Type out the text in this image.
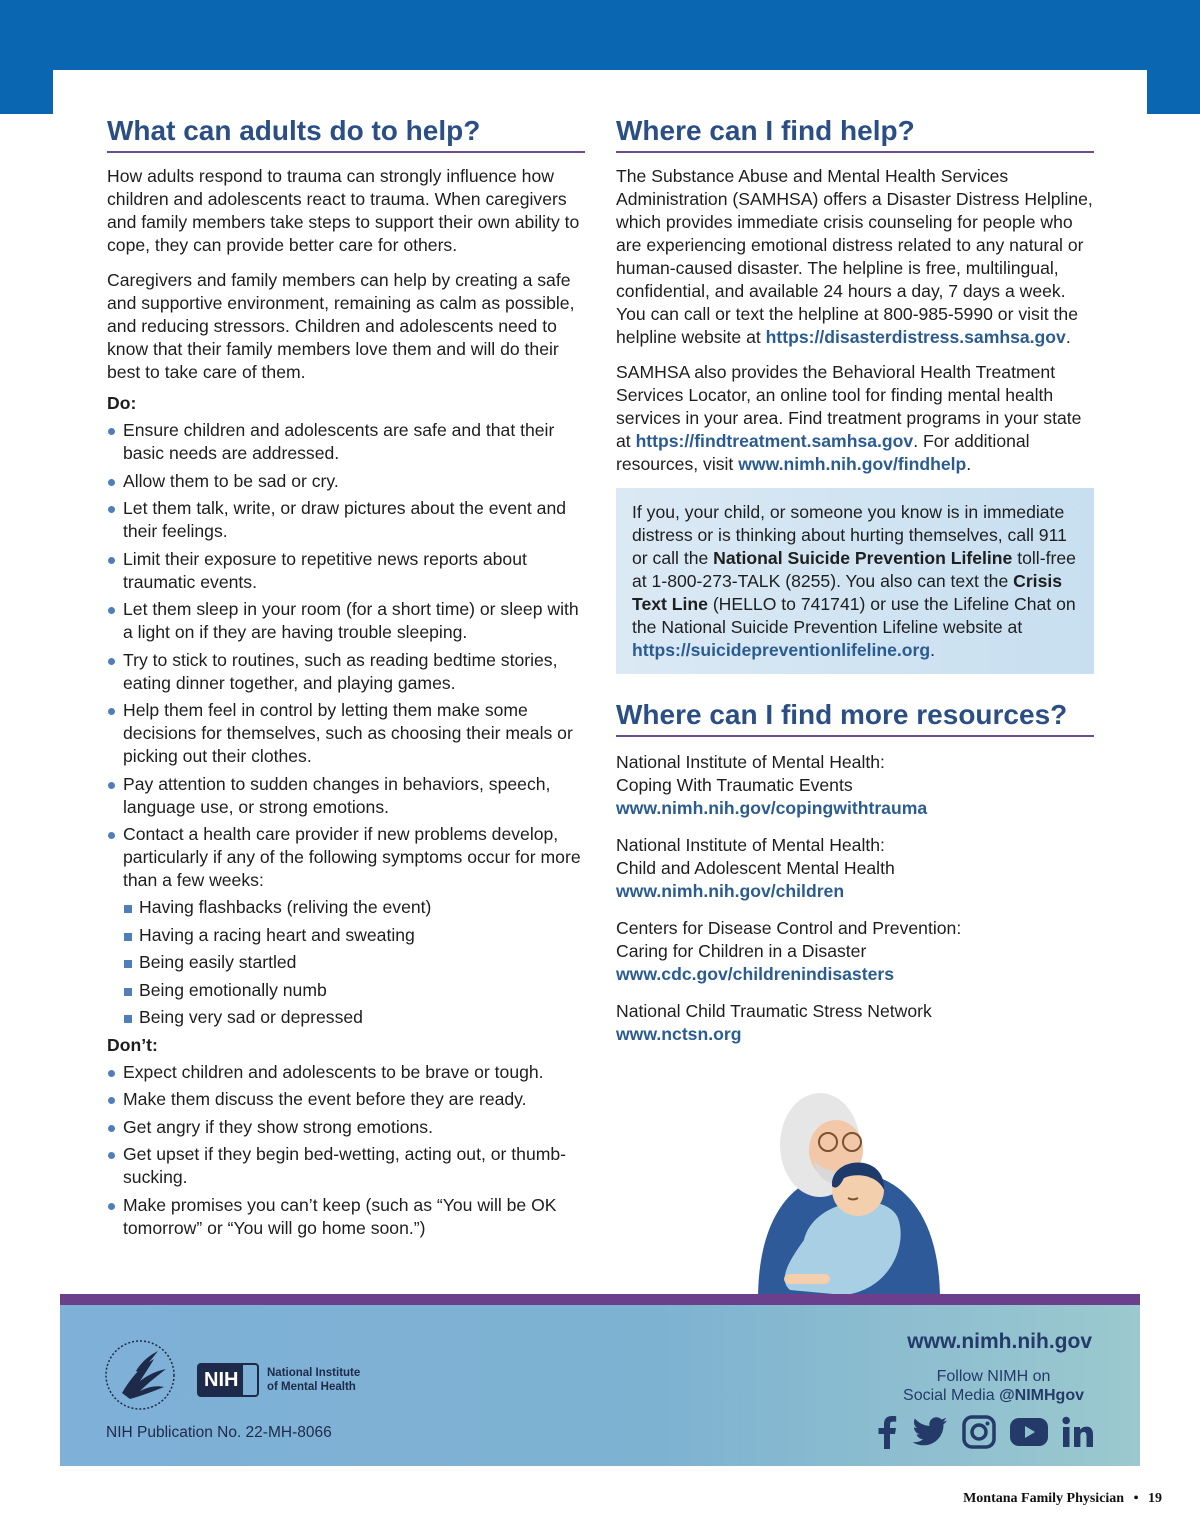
What can adults do to help?

How adults respond to trauma can strongly influence how children and adolescents react to trauma. When caregivers and family members take steps to support their own ability to cope, they can provide better care for others.

Caregivers and family members can help by creating a safe and supportive environment, remaining as calm as possible, and reducing stressors. Children and adolescents need to know that their family members love them and will do their best to take care of them.

Do:
Ensure children and adolescents are safe and that their basic needs are addressed.
Allow them to be sad or cry.
Let them talk, write, or draw pictures about the event and their feelings.
Limit their exposure to repetitive news reports about traumatic events.
Let them sleep in your room (for a short time) or sleep with a light on if they are having trouble sleeping.
Try to stick to routines, such as reading bedtime stories, eating dinner together, and playing games.
Help them feel in control by letting them make some decisions for themselves, such as choosing their meals or picking out their clothes.
Pay attention to sudden changes in behaviors, speech, language use, or strong emotions.
Contact a health care provider if new problems develop, particularly if any of the following symptoms occur for more than a few weeks:
Having flashbacks (reliving the event)
Having a racing heart and sweating
Being easily startled
Being emotionally numb
Being very sad or depressed
Don’t:
Expect children and adolescents to be brave or tough.
Make them discuss the event before they are ready.
Get angry if they show strong emotions.
Get upset if they begin bed-wetting, acting out, or thumb-sucking.
Make promises you can’t keep (such as “You will be OK tomorrow” or “You will go home soon.”)
Where can I find help?

The Substance Abuse and Mental Health Services Administration (SAMHSA) offers a Disaster Distress Helpline, which provides immediate crisis counseling for people who are experiencing emotional distress related to any natural or human-caused disaster. The helpline is free, multilingual, confidential, and available 24 hours a day, 7 days a week. You can call or text the helpline at 800-985-5990 or visit the helpline website at https://disasterdistress.samhsa.gov.

SAMHSA also provides the Behavioral Health Treatment Services Locator, an online tool for finding mental health services in your area. Find treatment programs in your state at https://findtreatment.samhsa.gov. For additional resources, visit www.nimh.nih.gov/findhelp.

If you, your child, or someone you know is in immediate distress or is thinking about hurting themselves, call 911 or call the National Suicide Prevention Lifeline toll-free at 1-800-273-TALK (8255). You also can text the Crisis Text Line (HELLO to 741741) or use the Lifeline Chat on the National Suicide Prevention Lifeline website at https://suicidepreventionlifeline.org.
Where can I find more resources?
National Institute of Mental Health:
Coping With Traumatic Events
www.nimh.nih.gov/copingwithtrauma
National Institute of Mental Health:
Child and Adolescent Mental Health
www.nimh.nih.gov/children
Centers for Disease Control and Prevention:
Caring for Children in a Disaster
www.cdc.gov/childrenindisasters
National Child Traumatic Stress Network
www.nctsn.org
NIH	National Institute
of Mental Health
NIH Publication No. 22-MH-8066
www.nimh.nih.gov
Follow NIMH on
Social Media @NIMHgov
Montana Family Physician • 19
